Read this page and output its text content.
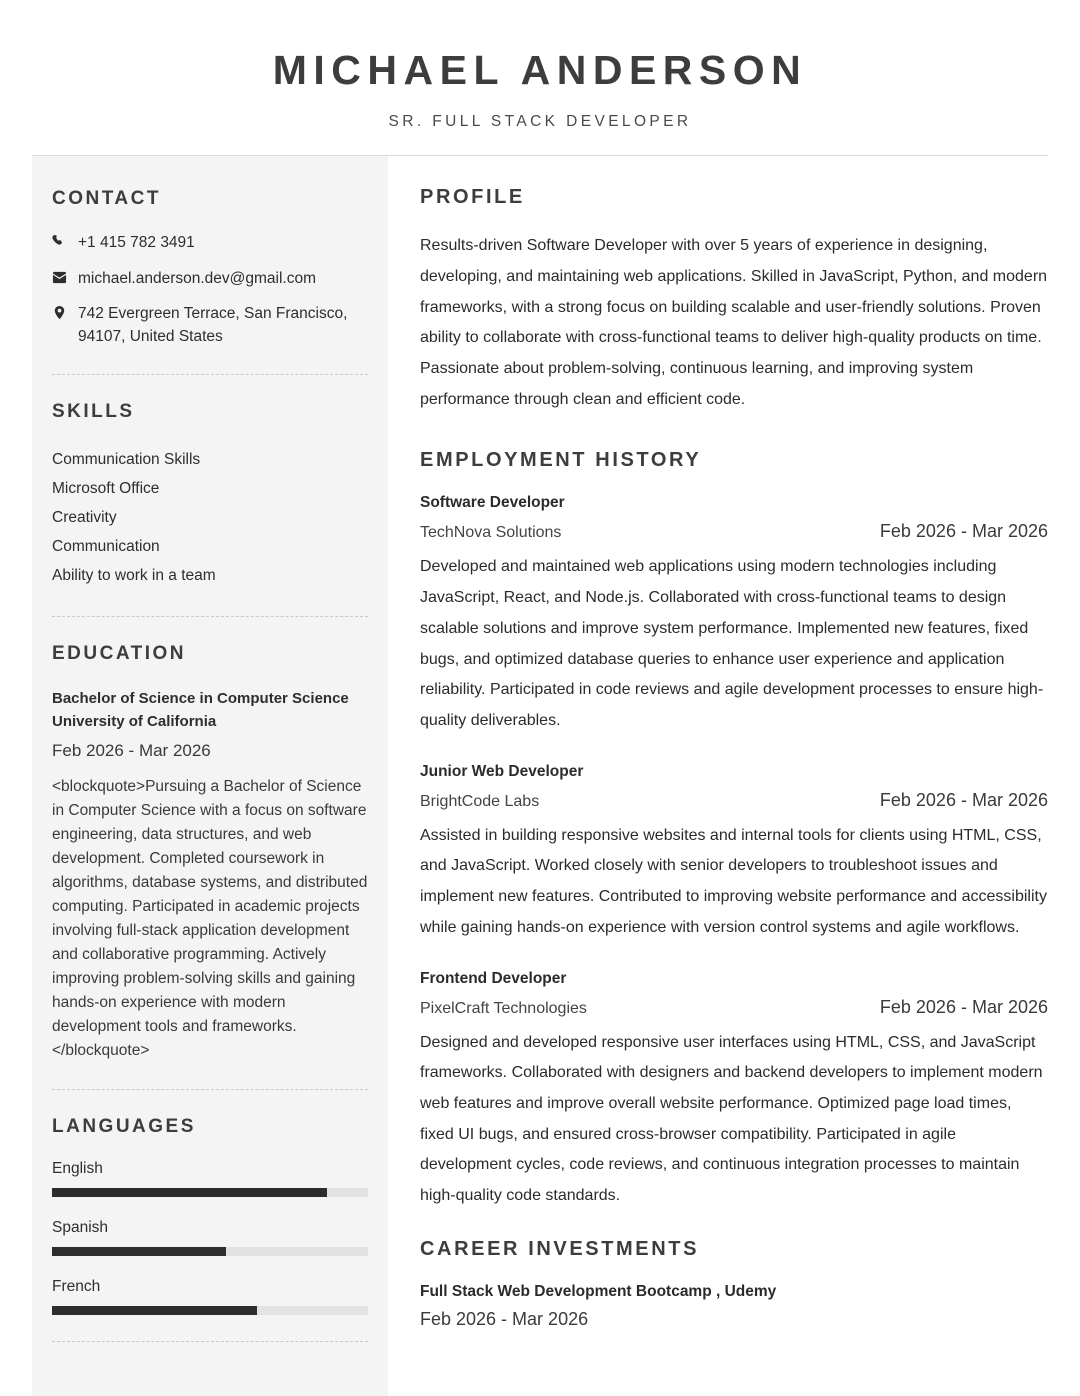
MICHAEL ANDERSON
SR. FULL STACK DEVELOPER
CONTACT
+1 415 782 3491
michael.anderson.dev@gmail.com
742 Evergreen Terrace, San Francisco, 94107, United States
SKILLS
Communication Skills
Microsoft Office
Creativity
Communication
Ability to work in a team
EDUCATION
Bachelor of Science in Computer Science
University of California
Feb 2026 - Mar 2026
<blockquote>Pursuing a Bachelor of Science in Computer Science with a focus on software engineering, data structures, and web development. Completed coursework in algorithms, database systems, and distributed computing. Participated in academic projects involving full-stack application development and collaborative programming. Actively improving problem-solving skills and gaining hands-on experience with modern development tools and frameworks.</blockquote>
LANGUAGES
English
Spanish
French
PROFILE

Results-driven Software Developer with over 5 years of experience in designing, developing, and maintaining web applications. Skilled in JavaScript, Python, and modern frameworks, with a strong focus on building scalable and user-friendly solutions. Proven ability to collaborate with cross-functional teams to deliver high-quality products on time. Passionate about problem-solving, continuous learning, and improving system performance through clean and efficient code.

EMPLOYMENT HISTORY
Software Developer
TechNova Solutions	Feb 2026 - Mar 2026
Developed and maintained web applications using modern technologies including JavaScript, React, and Node.js. Collaborated with cross-functional teams to design scalable solutions and improve system performance. Implemented new features, fixed bugs, and optimized database queries to enhance user experience and application reliability. Participated in code reviews and agile development processes to ensure high-quality deliverables.
Junior Web Developer
BrightCode Labs	Feb 2026 - Mar 2026
Assisted in building responsive websites and internal tools for clients using HTML, CSS, and JavaScript. Worked closely with senior developers to troubleshoot issues and implement new features. Contributed to improving website performance and accessibility while gaining hands-on experience with version control systems and agile workflows.
Frontend Developer
PixelCraft Technologies	Feb 2026 - Mar 2026
Designed and developed responsive user interfaces using HTML, CSS, and JavaScript frameworks. Collaborated with designers and backend developers to implement modern web features and improve overall website performance. Optimized page load times, fixed UI bugs, and ensured cross-browser compatibility. Participated in agile development cycles, code reviews, and continuous integration processes to maintain high-quality code standards.
CAREER INVESTMENTS
Full Stack Web Development Bootcamp , Udemy
Feb 2026 - Mar 2026
